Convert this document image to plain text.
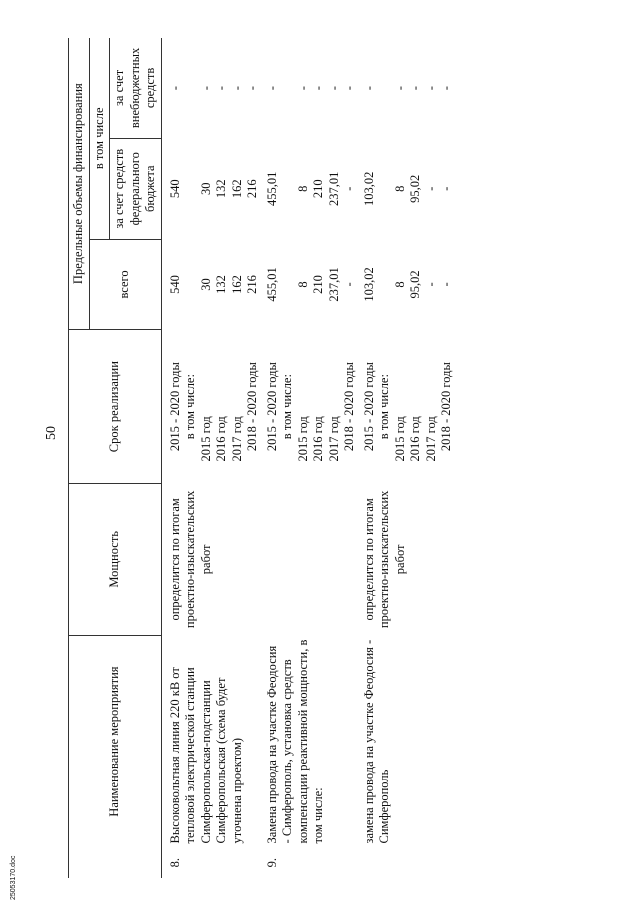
50
25053170.doc
	Наименование мероприятия	Мощность	Срок реализации	Предельные объемы финансирования		
				всего	в том числе	
					за счет средств федерального бюджета	за счет внебюджетных средств

8.	Высоковольтная линия 220 кВ от тепловой электрической станции Симферопольская-подстанции Симферопольская (схема будет уточнена проектом)	определится по итогам проектно-изыскательских работ	2015 - 2020 годы	540	540	-
			в том числе:			
			2015 год	30	30	-
			2016 год	132	132	-
			2017 год	162	162	-
			2018 - 2020 годы	216	216	-

9.	Замена провода на участке Феодосия - Симферополь, установка средств компенсации реактивной мощности, в том числе:		2015 - 2020 годы	455,01	455,01	-
			в том числе:			
			2015 год	8	8	-
			2016 год	210	210	-
			2017 год	237,01	237,01	-
			2018 - 2020 годы	-	-	-

	замена провода на участке Феодосия - Симферополь	определится по итогам проектно-изыскательских работ	2015 - 2020 годы	103,02	103,02	-
			в том числе:			
			2015 год	8	8	-
			2016 год	95,02	95,02	-
			2017 год	-	-	-
			2018 - 2020 годы	-	-	-
